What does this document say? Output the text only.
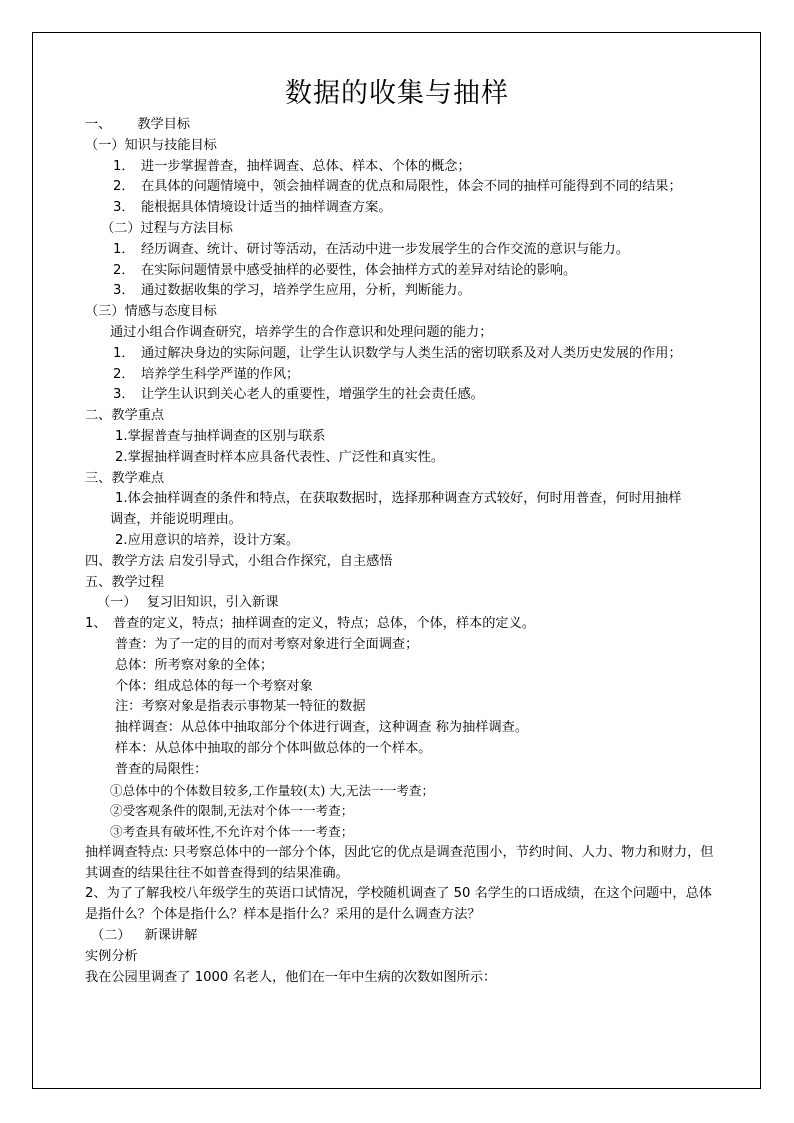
数据的收集与抽样
一、 教学目标
（一）知识与技能目标
1． 进一步掌握普查，抽样调查、总体、样本、个体的概念；
2． 在具体的问题情境中，领会抽样调查的优点和局限性，体会不同的抽样可能得到不同的结果；
3． 能根据具体情境设计适当的抽样调查方案。
（二）过程与方法目标
1． 经历调查、统计、研讨等活动，在活动中进一步发展学生的合作交流的意识与能力。
2． 在实际问题情景中感受抽样的必要性，体会抽样方式的差异对结论的影响。
3． 通过数据收集的学习，培养学生应用，分析，判断能力。
（三）情感与态度目标
通过小组合作调查研究，培养学生的合作意识和处理问题的能力；
1． 通过解决身边的实际问题，让学生认识数学与人类生活的密切联系及对人类历史发展的作用；
2． 培养学生科学严谨的作风；
3． 让学生认识到关心老人的重要性，增强学生的社会责任感。
二、教学重点
1.掌握普查与抽样调查的区别与联系
2.掌握抽样调查时样本应具备代表性、广泛性和真实性。
三、教学难点
1.体会抽样调查的条件和特点，在获取数据时，选择那种调查方式较好，何时用普查，何时用抽样
调查，并能说明理由。
2.应用意识的培养，设计方案。
四、教学方法 启发引导式，小组合作探究，自主感悟
五、教学过程
（一） 复习旧知识，引入新课
1、 普查的定义，特点；抽样调查的定义，特点；总体，个体，样本的定义。
普查：为了一定的目的而对考察对象进行全面调查；
总体：所考察对象的全体；
个体：组成总体的每一个考察对象
注：考察对象是指表示事物某一特征的数据
抽样调查：从总体中抽取部分个体进行调查，这种调查 称为抽样调查。
样本：从总体中抽取的部分个体叫做总体的一个样本。
普查的局限性：
①总体中的个体数目较多,工作量较(太) 大,无法一一考查；
②受客观条件的限制,无法对个体一一考查；
③考查具有破坏性,不允许对个体一一考查；
抽样调查特点: 只考察总体中的一部分个体，因此它的优点是调查范围小，节约时间、人力、物力和财力，但其调查的结果往往不如普查得到的结果准确。
2、为了了解我校八年级学生的英语口试情况，学校随机调查了 50 名学生的口语成绩，在这个问题中，总体是指什么？个体是指什么？样本是指什么？采用的是什么调查方法？
（二） 新课讲解
实例分析
我在公园里调查了 1000 名老人，他们在一年中生病的次数如图所示：
